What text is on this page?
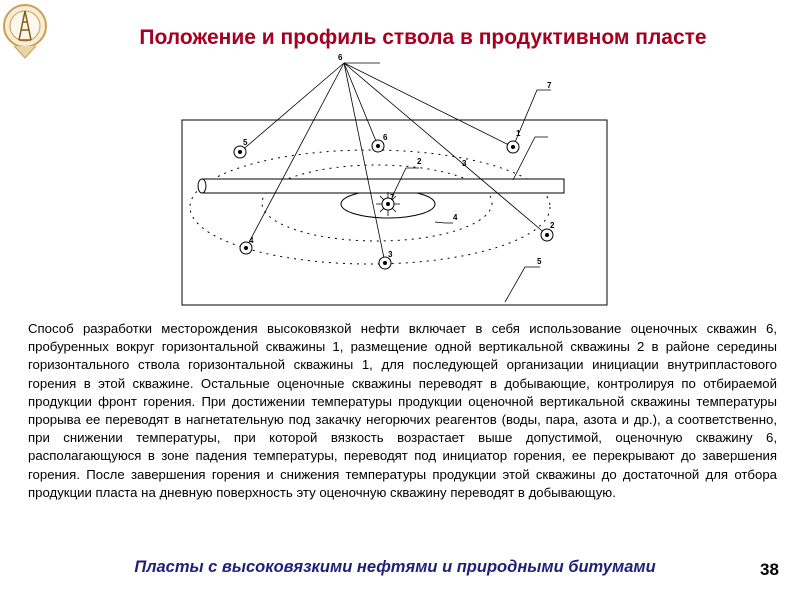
Положение и профиль ствола в продуктивном пласте
6
7
1
5
6
2	3
7
4
2
4
3
5
Способ разработки месторождения высоковязкой нефти включает в себя использование оценочных скважин 6, пробуренных вокруг горизонтальной скважины 1, размещение одной вертикальной скважины 2 в районе середины горизонтального ствола горизонтальной скважины 1, для последующей организации инициации внутрипластового горения в этой скважине. Остальные оценочные скважины переводят в добывающие, контролируя по отбираемой продукции фронт горения. При достижении температуры продукции оценочной вертикальной скважины температуры прорыва ее переводят в нагнетательную под закачку негорючих реагентов (воды, пара, азота и др.), а соответственно, при снижении температуры, при которой вязкость возрастает выше допустимой, оценочную скважину 6, располагающуюся в зоне падения температуры, переводят под инициатор горения, ее перекрывают до завершения горения. После завершения горения и снижения температуры продукции этой скважины до достаточной для отбора продукции пласта на дневную поверхность эту оценочную скважину переводят в добывающую.
Пласты с высоковязкими нефтями и природными битумами	38
